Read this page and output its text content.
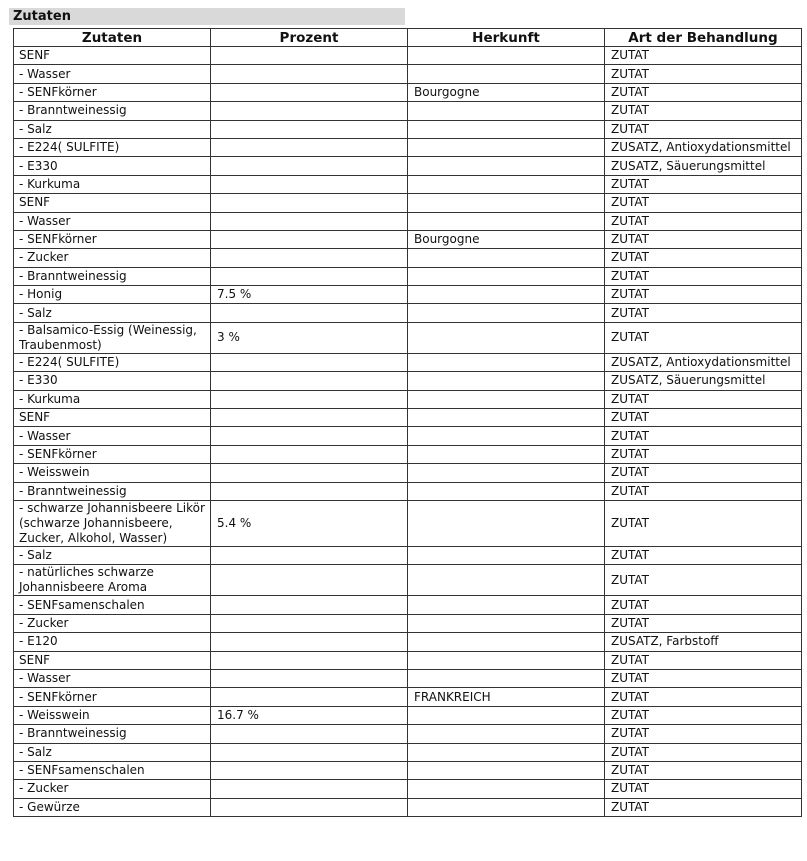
Zutaten
Zutaten	Prozent	Herkunft	Art der Behandlung
SENF			ZUTAT
- Wasser			ZUTAT
- SENFkörner		Bourgogne	ZUTAT
- Branntweinessig			ZUTAT
- Salz			ZUTAT
- E224( SULFITE)			ZUSATZ, Antioxydationsmittel
- E330			ZUSATZ, Säuerungsmittel
- Kurkuma			ZUTAT
SENF			ZUTAT
- Wasser			ZUTAT
- SENFkörner		Bourgogne	ZUTAT
- Zucker			ZUTAT
- Branntweinessig			ZUTAT
- Honig	7.5 %		ZUTAT
- Salz			ZUTAT
- Balsamico-Essig (Weinessig, Traubenmost)	3 %		ZUTAT
- E224( SULFITE)			ZUSATZ, Antioxydationsmittel
- E330			ZUSATZ, Säuerungsmittel
- Kurkuma			ZUTAT
SENF			ZUTAT
- Wasser			ZUTAT
- SENFkörner			ZUTAT
- Weisswein			ZUTAT
- Branntweinessig			ZUTAT
- schwarze Johannisbeere Likör (schwarze Johannisbeere, Zucker, Alkohol, Wasser)	5.4 %		ZUTAT
- Salz			ZUTAT
- natürliches schwarze Johannisbeere Aroma			ZUTAT
- SENFsamenschalen			ZUTAT
- Zucker			ZUTAT
- E120			ZUSATZ, Farbstoff
SENF			ZUTAT
- Wasser			ZUTAT
- SENFkörner		FRANKREICH	ZUTAT
- Weisswein	16.7 %		ZUTAT
- Branntweinessig			ZUTAT
- Salz			ZUTAT
- SENFsamenschalen			ZUTAT
- Zucker			ZUTAT
- Gewürze			ZUTAT
